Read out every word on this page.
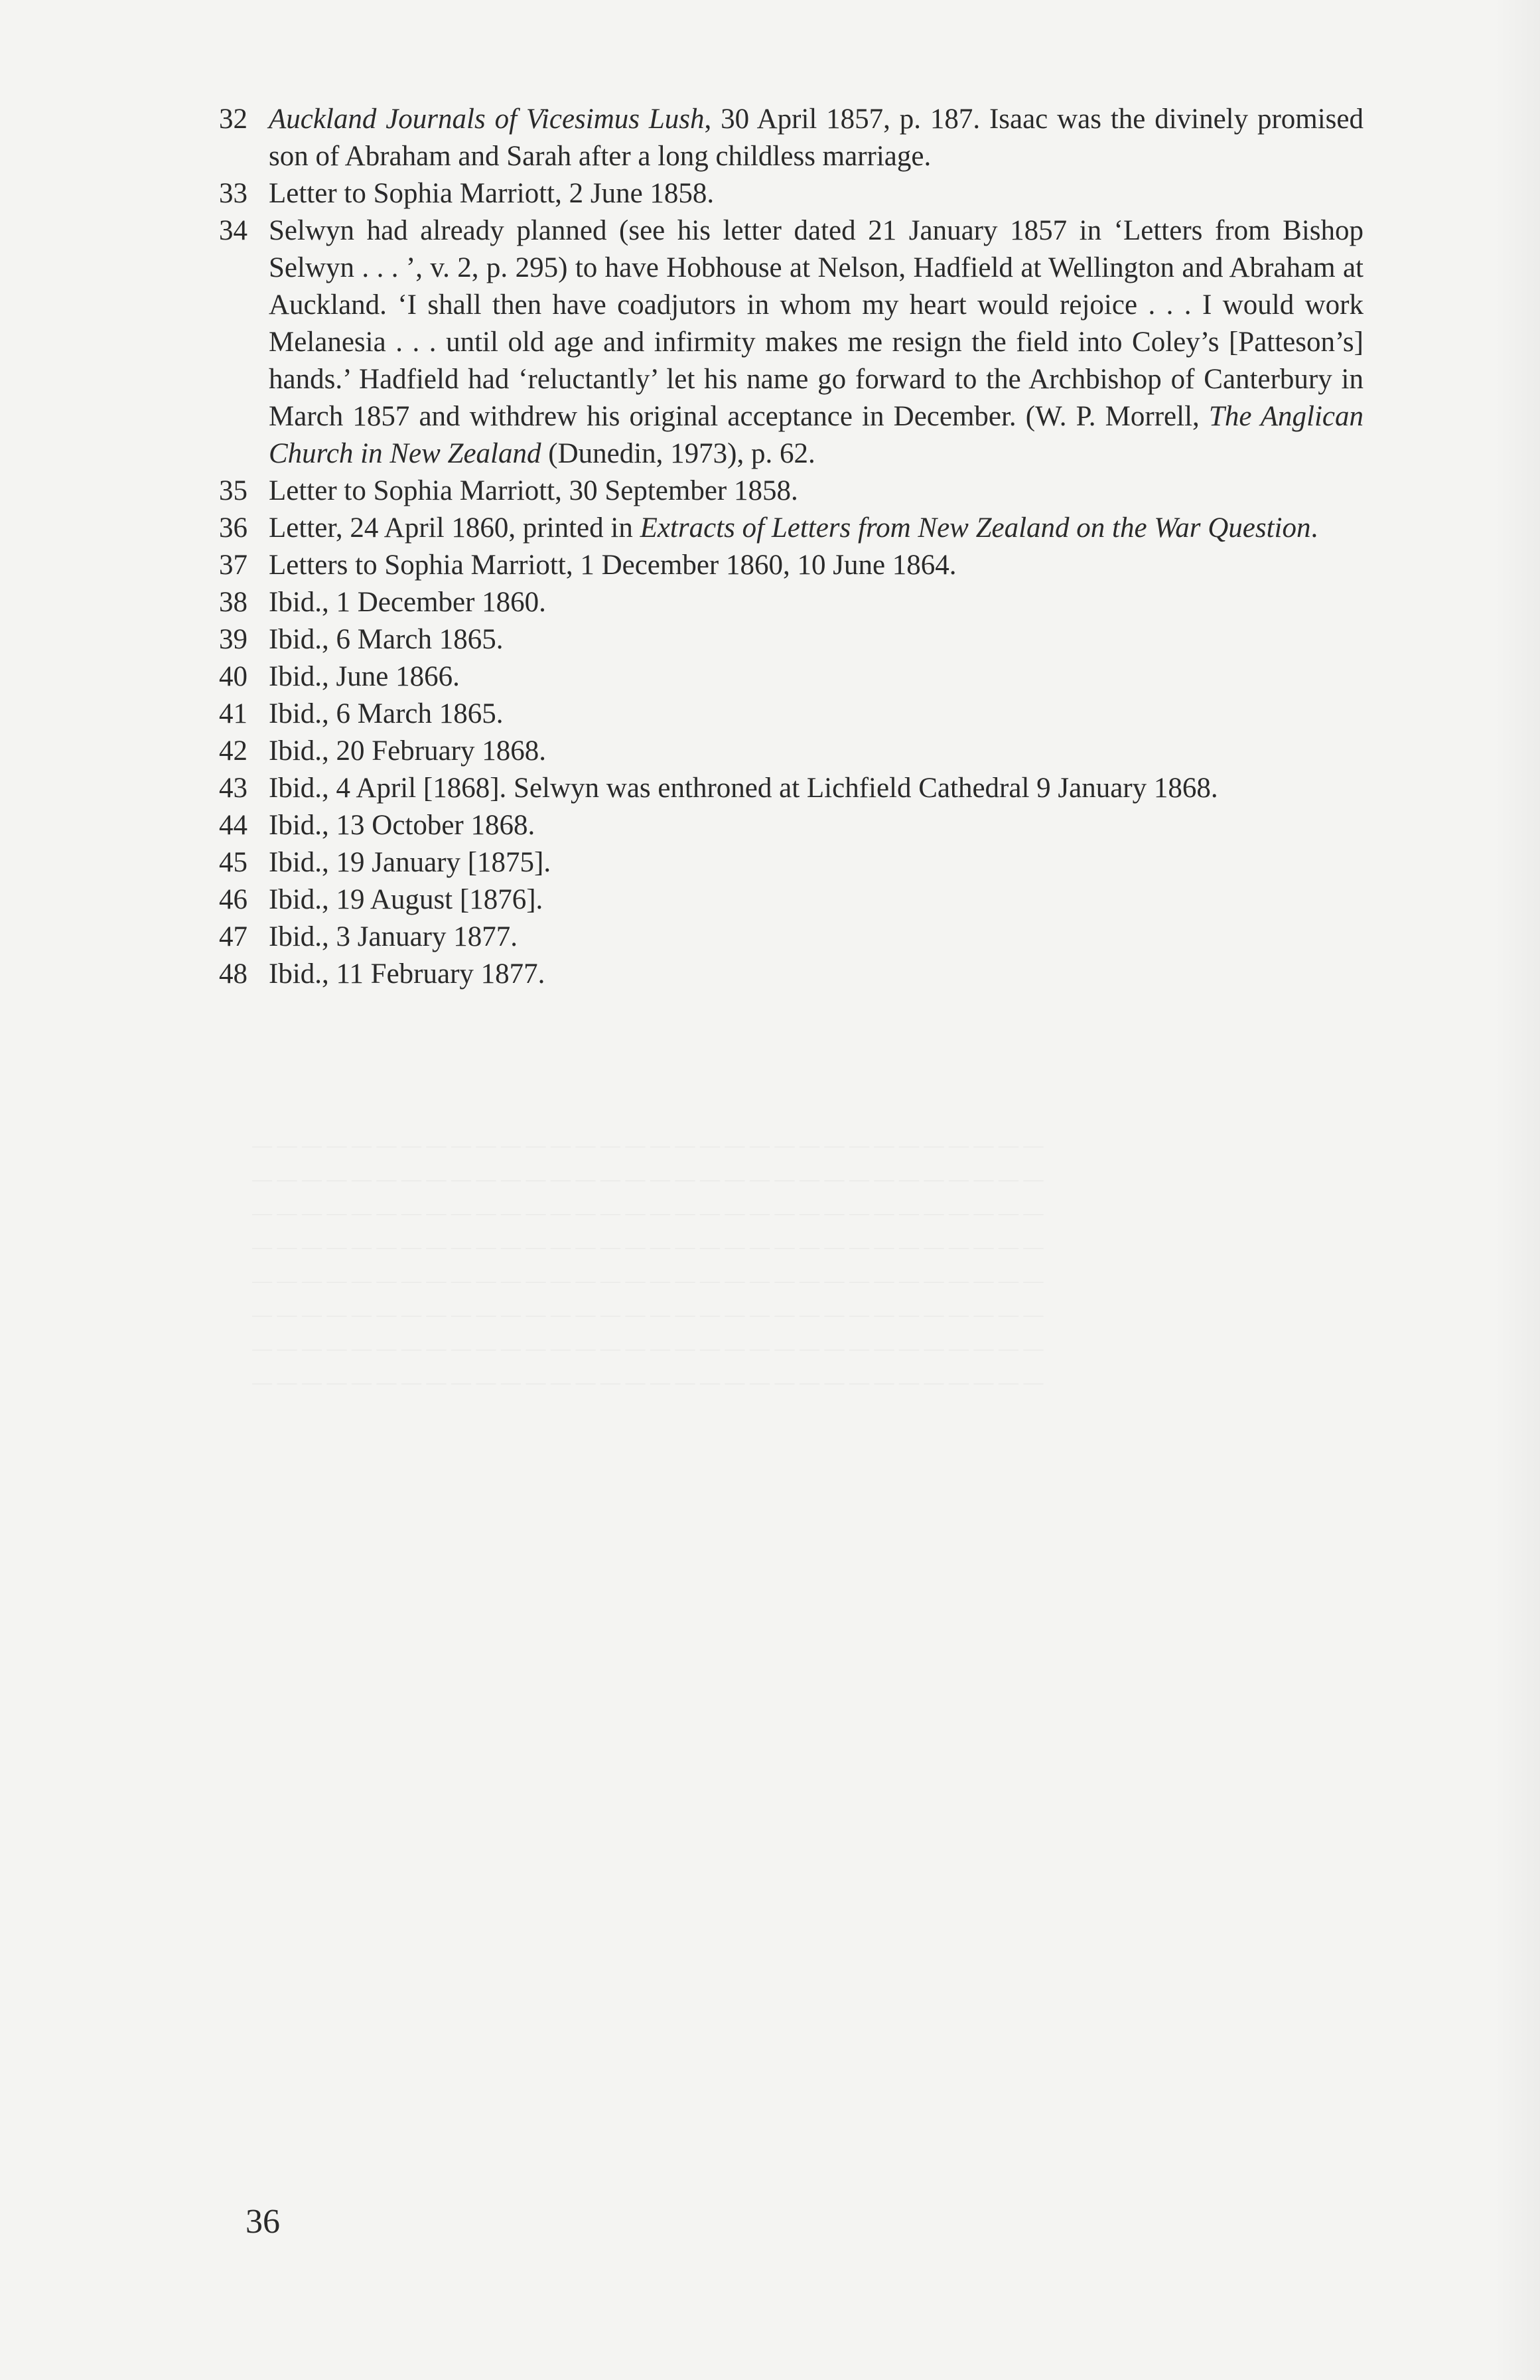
32 Auckland Journals of Vicesimus Lush, 30 April 1857, p. 187. Isaac was the divinely promised son of Abraham and Sarah after a long childless marriage.
33 Letter to Sophia Marriott, 2 June 1858.
34 Selwyn had already planned (see his letter dated 21 January 1857 in ‘Letters from Bishop Selwyn . . . ’, v. 2, p. 295) to have Hobhouse at Nelson, Hadfield at Wellington and Abraham at Auckland. ‘I shall then have coadjutors in whom my heart would rejoice . . . I would work Melanesia . . . until old age and infirmity makes me resign the field into Coley’s [Patteson’s] hands.’ Hadfield had ‘reluctantly’ let his name go forward to the Archbishop of Canterbury in March 1857 and withdrew his original acceptance in December. (W. P. Morrell, The Anglican Church in New Zealand (Dunedin, 1973), p. 62.
35 Letter to Sophia Marriott, 30 September 1858.
36 Letter, 24 April 1860, printed in Extracts of Letters from New Zealand on the War Question.
37 Letters to Sophia Marriott, 1 December 1860, 10 June 1864.
38 Ibid., 1 December 1860.
39 Ibid., 6 March 1865.
40 Ibid., June 1866.
41 Ibid., 6 March 1865.
42 Ibid., 20 February 1868.
43 Ibid., 4 April [1868]. Selwyn was enthroned at Lichfield Cathedral 9 January 1868.
44 Ibid., 13 October 1868.
45 Ibid., 19 January [1875].
46 Ibid., 19 August [1876].
47 Ibid., 3 January 1877.
48 Ibid., 11 February 1877.
36
